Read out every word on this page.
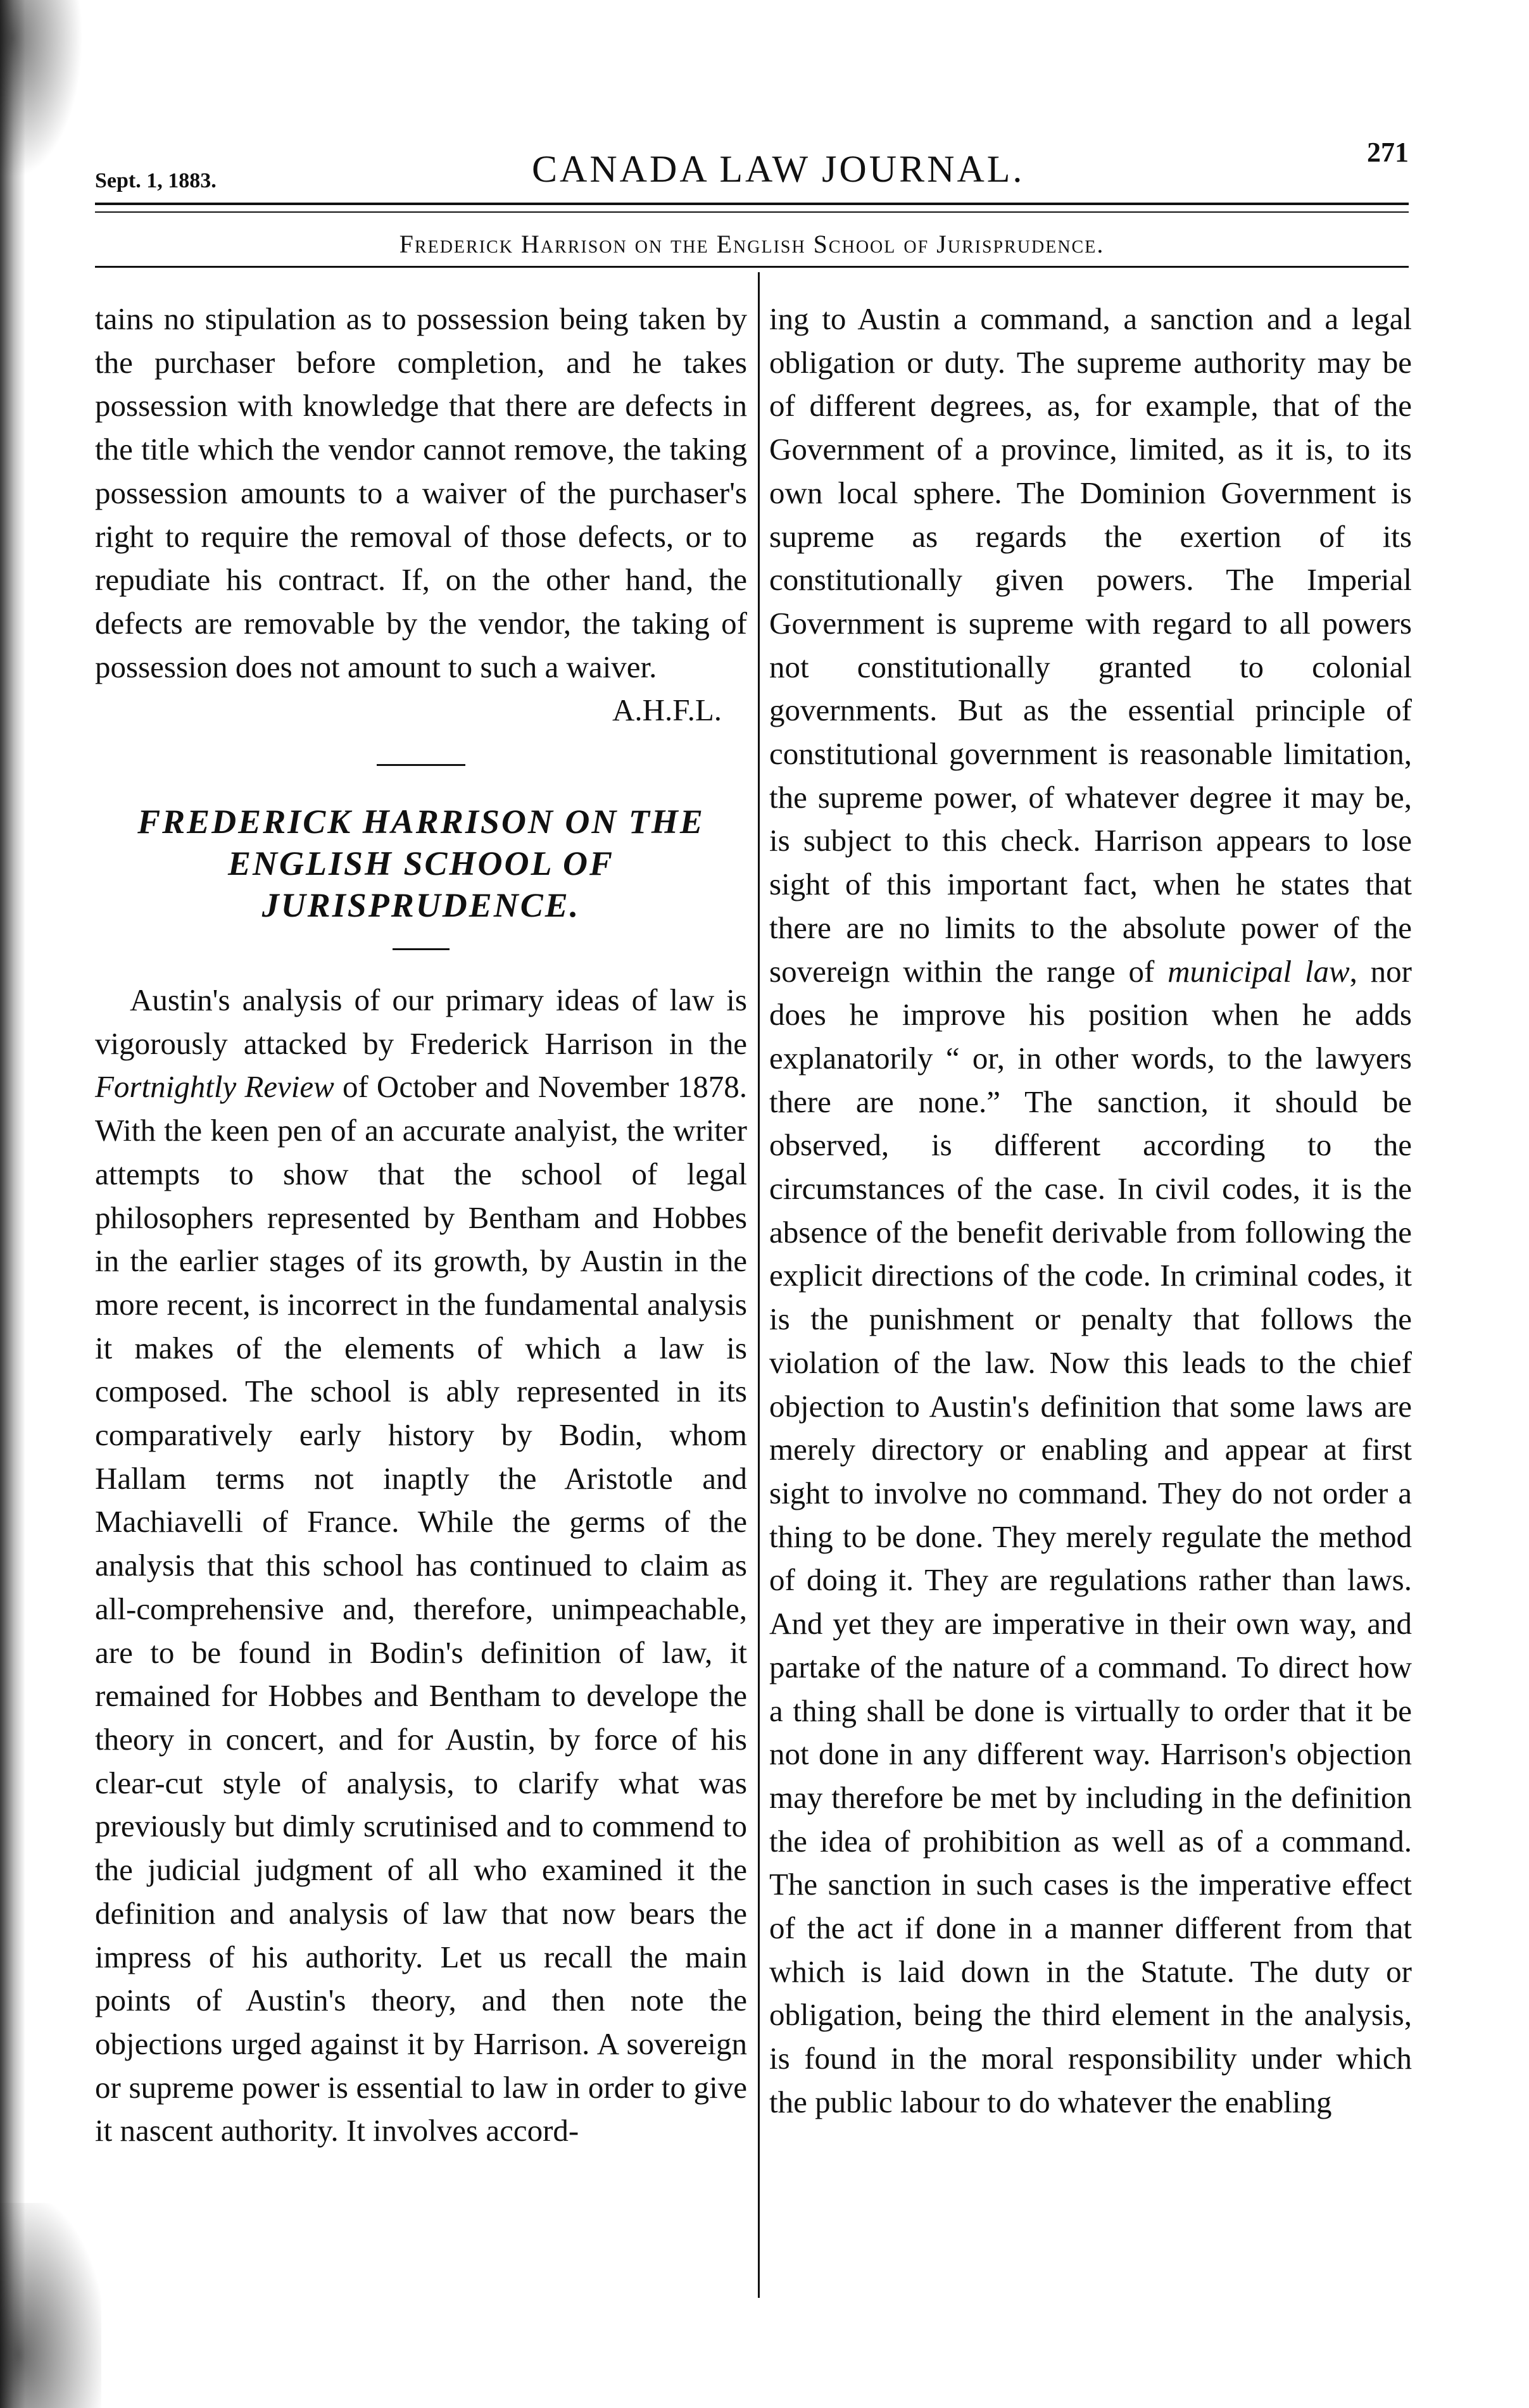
Sept. 1, 1883.	CANADA LAW JOURNAL.	271
Frederick Harrison on the English School of Jurisprudence.

tains no stipulation as to possession being taken by the purchaser before completion, and he takes possession with knowledge that there are defects in the title which the vendor cannot remove, the taking possession amounts to a waiver of the purchaser's right to require the removal of those defects, or to repudiate his contract. If, on the other hand, the defects are removable by the vendor, the taking of possession does not amount to such a waiver.

A.H.F.L.

FREDERICK HARRISON ON THE
ENGLISH SCHOOL OF
JURISPRUDENCE.

Austin's analysis of our primary ideas of law is vigorously attacked by Frederick Harrison in the Fortnightly Review of October and November 1878. With the keen pen of an accurate analyist, the writer attempts to show that the school of legal philosophers represented by Bentham and Hobbes in the earlier stages of its growth, by Austin in the more recent, is incorrect in the fundamental analysis it makes of the elements of which a law is composed. The school is ably represented in its comparatively early history by Bodin, whom Hallam terms not inaptly the Aristotle and Machiavelli of France. While the germs of the analysis that this school has continued to claim as all-comprehensive and, therefore, unimpeachable, are to be found in Bodin's definition of law, it remained for Hobbes and Bentham to develope the theory in concert, and for Austin, by force of his clear-cut style of analysis, to clarify what was previously but dimly scrutinised and to commend to the judicial judgment of all who examined it the definition and analysis of law that now bears the impress of his authority. Let us recall the main points of Austin's theory, and then note the objections urged against it by Harrison. A sovereign or supreme power is essential to law in order to give it nascent authority. It involves accord-

ing to Austin a command, a sanction and a legal obligation or duty. The supreme authority may be of different degrees, as, for example, that of the Government of a province, limited, as it is, to its own local sphere. The Dominion Government is supreme as regards the exertion of its constitutionally given powers. The Imperial Government is supreme with regard to all powers not constitutionally granted to colonial governments. But as the essential principle of constitutional government is reasonable limitation, the supreme power, of whatever degree it may be, is subject to this check. Harrison appears to lose sight of this important fact, when he states that there are no limits to the absolute power of the sovereign within the range of municipal law, nor does he improve his position when he adds explanatorily “ or, in other words, to the lawyers there are none.” The sanction, it should be observed, is different according to the circumstances of the case. In civil codes, it is the absence of the benefit derivable from following the explicit directions of the code. In criminal codes, it is the punishment or penalty that follows the violation of the law. Now this leads to the chief objection to Austin's definition that some laws are merely directory or enabling and appear at first sight to involve no command. They do not order a thing to be done. They merely regulate the method of doing it. They are regulations rather than laws. And yet they are imperative in their own way, and partake of the nature of a command. To direct how a thing shall be done is virtually to order that it be not done in any different way. Harrison's objection may therefore be met by including in the definition the idea of prohibition as well as of a command. The sanction in such cases is the imperative effect of the act if done in a manner different from that which is laid down in the Statute. The duty or obligation, being the third element in the analysis, is found in the moral responsibility under which the public labour to do whatever the enabling
